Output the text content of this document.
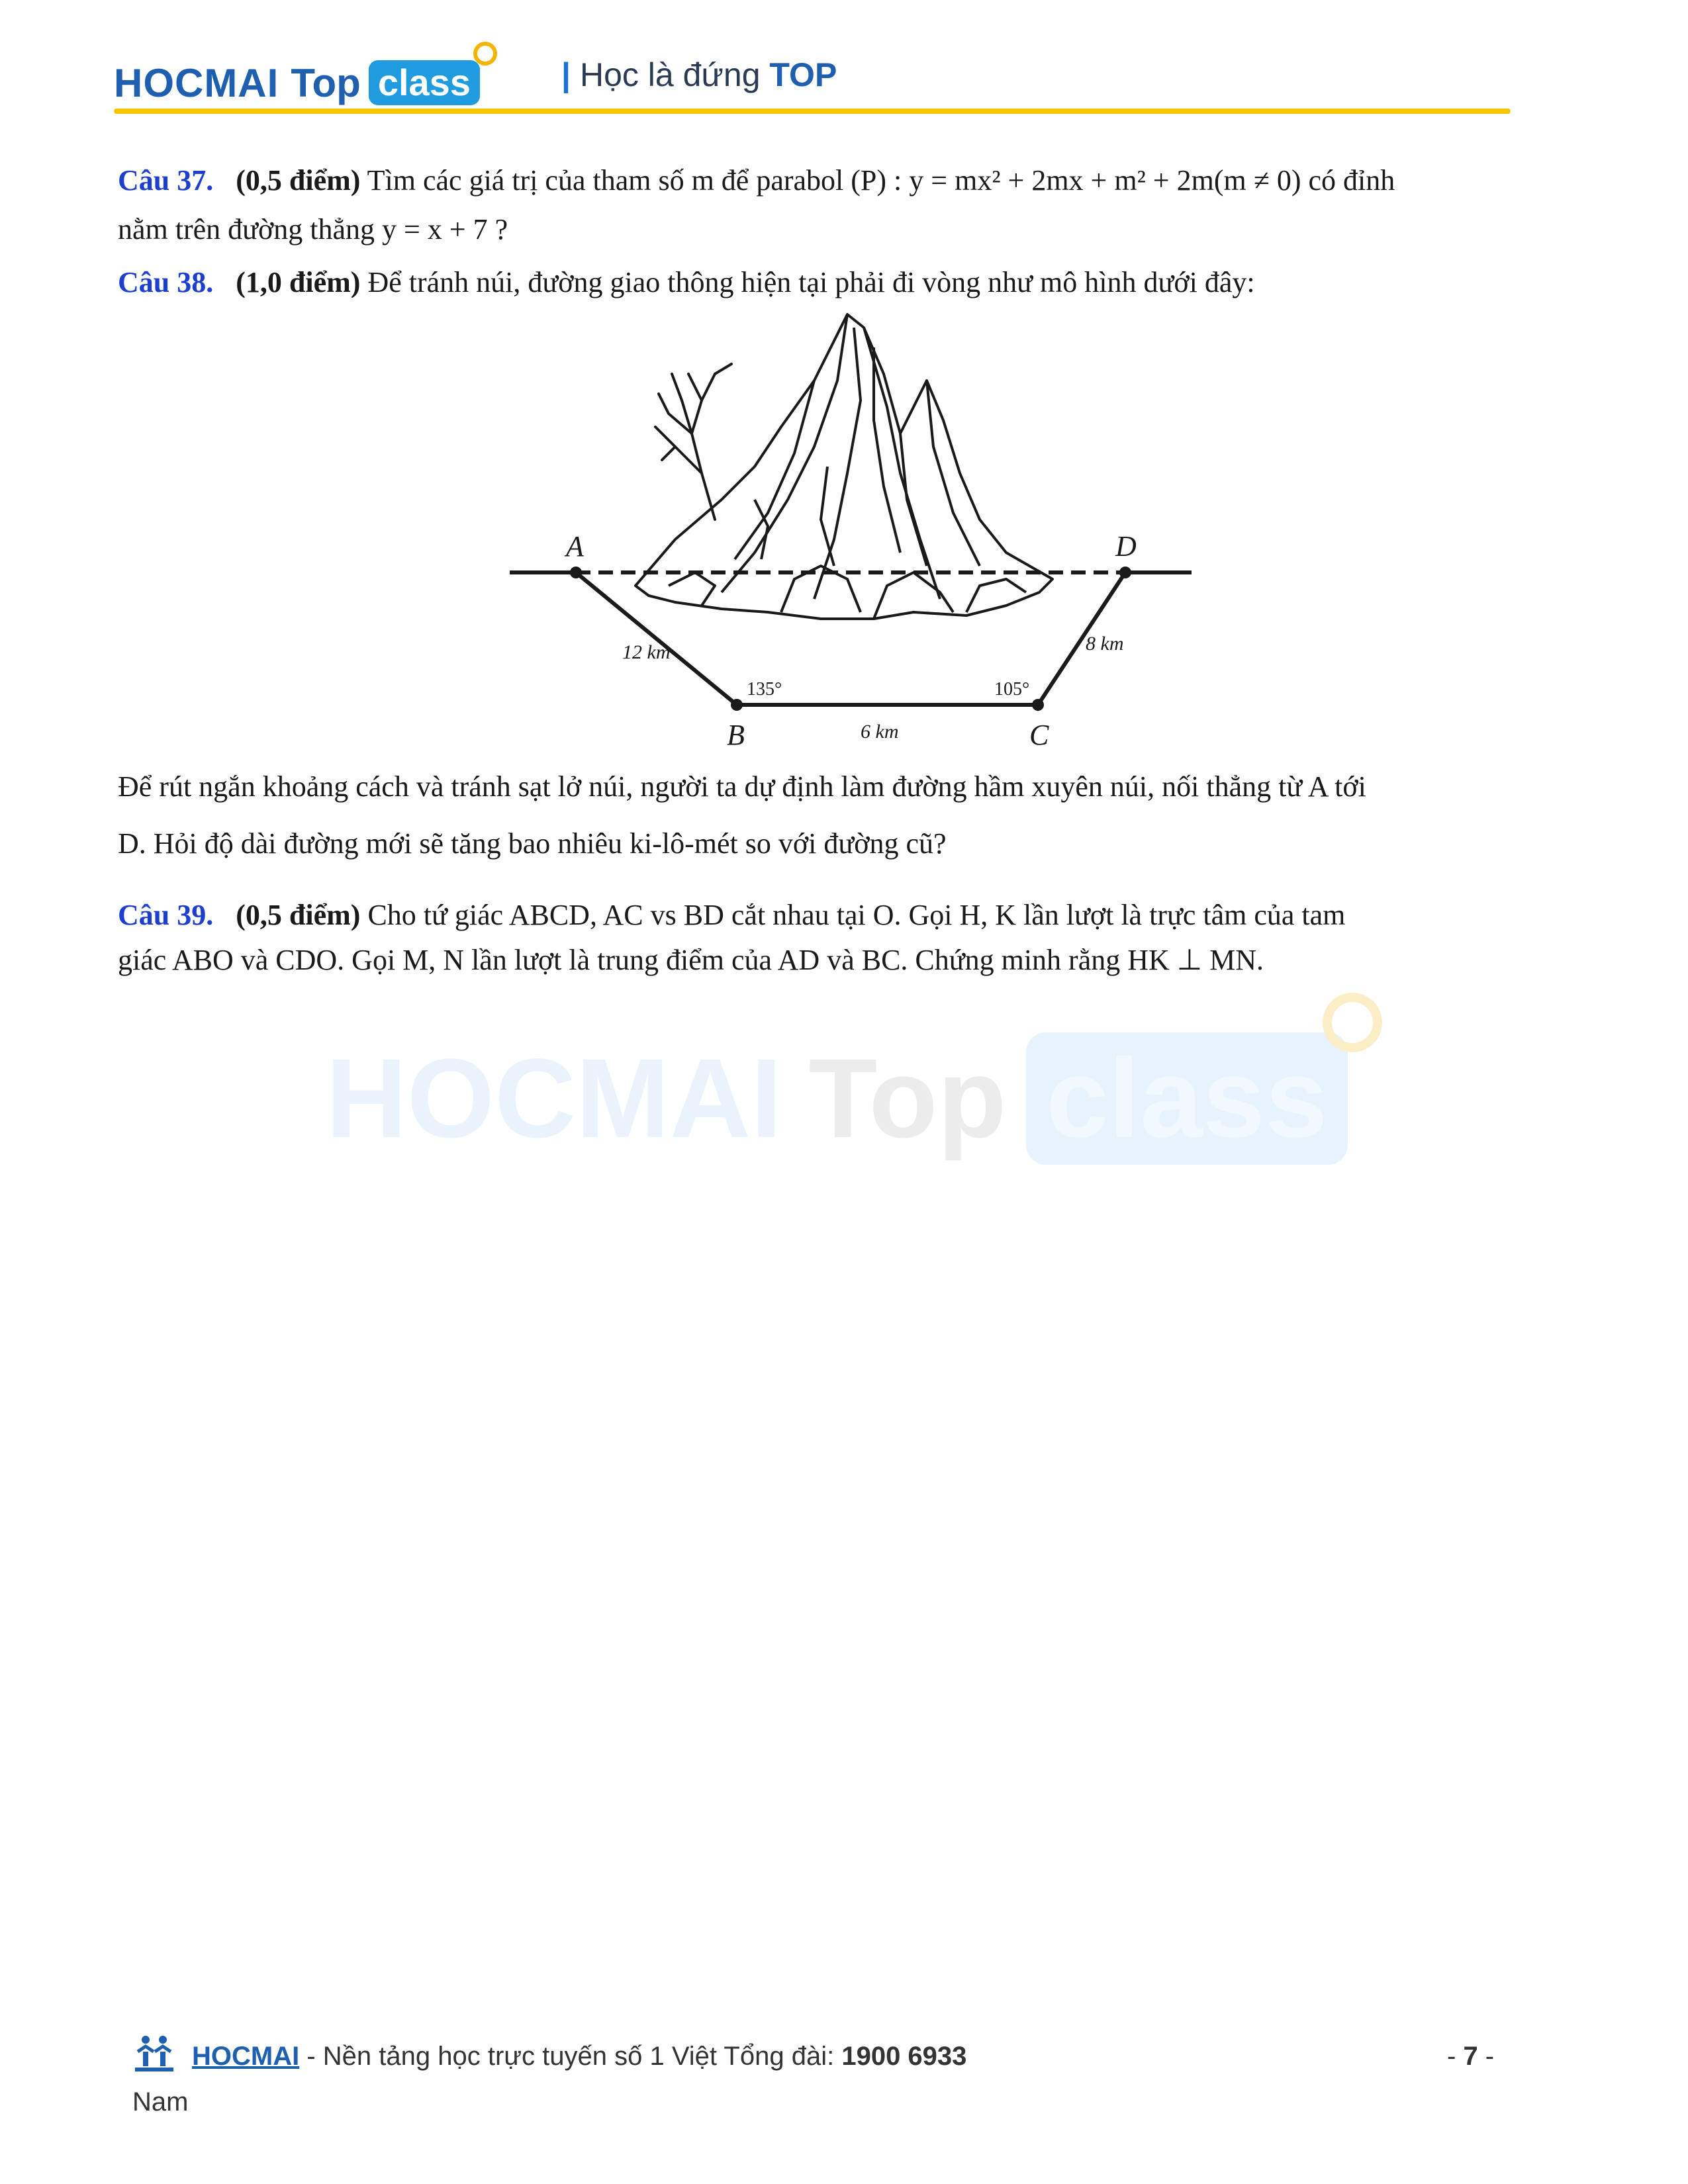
HOCMAI Top class	| Học là đứng TOP
Câu 37. (0,5 điểm) Tìm các giá trị của tham số m để parabol (P) : y = mx² + 2mx + m² + 2m(m ≠ 0) có đỉnh
nằm trên đường thẳng y = x + 7 ?
Câu 38. (1,0 điểm) Để tránh núi, đường giao thông hiện tại phải đi vòng như mô hình dưới đây:
A	D
B	C
12 km
6 km
8 km
135°	105°
Để rút ngắn khoảng cách và tránh sạt lở núi, người ta dự định làm đường hầm xuyên núi, nối thẳng từ A tới
D. Hỏi độ dài đường mới sẽ tăng bao nhiêu ki-lô-mét so với đường cũ?
Câu 39. (0,5 điểm) Cho tứ giác ABCD, AC vs BD cắt nhau tại O. Gọi H, K lần lượt là trực tâm của tam
giác ABO và CDO. Gọi M, N lần lượt là trung điểm của AD và BC. Chứng minh rằng HK ⊥ MN.
HOCMAI Top class
HOCMAI - Nền tảng học trực tuyến số 1 Việt Tổng đài: 1900 6933
Nam
- 7 -
